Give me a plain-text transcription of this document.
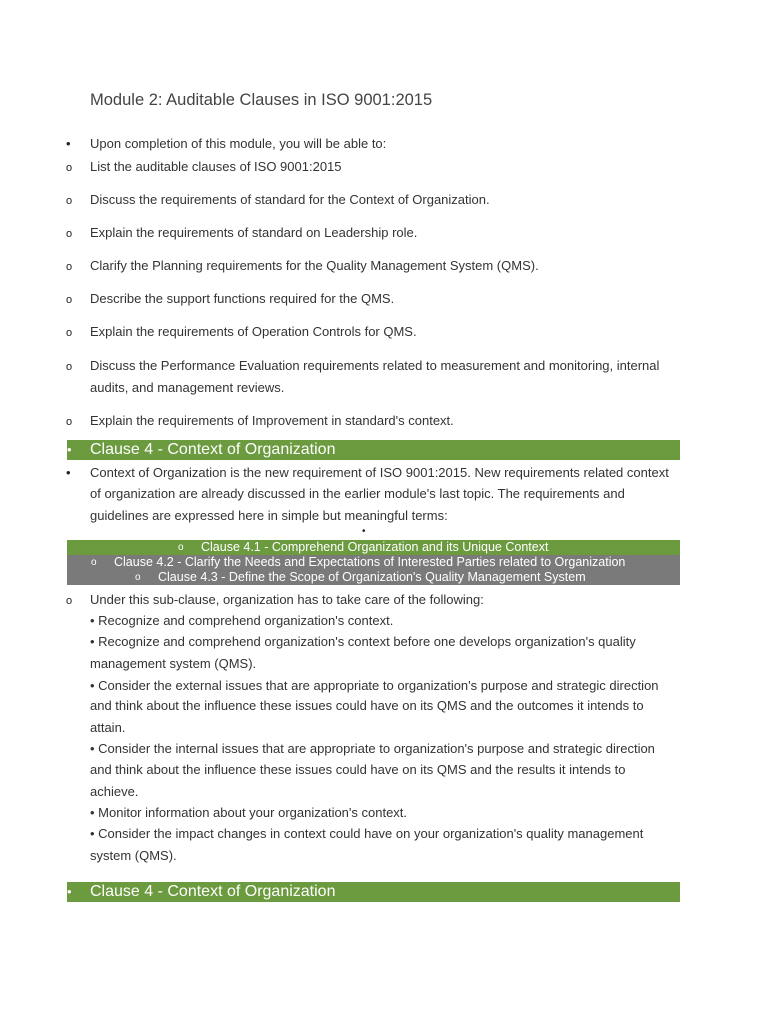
Module 2: Auditable Clauses in ISO 9001:2015
•
Upon completion of this module, you will be able to:
o
List the auditable clauses of ISO 9001:2015
o
Discuss the requirements of standard for the Context of Organization.
o
Explain the requirements of standard on Leadership role.
o
Clarify the Planning requirements for the Quality Management System (QMS).
o
Describe the support functions required for the QMS.
o
Explain the requirements of Operation Controls for QMS.
o
Discuss the Performance Evaluation requirements related to measurement and monitoring, internal
audits, and management reviews.
o
Explain the requirements of Improvement in standard's context.
• Clause 4 - Context of Organization
•
Context of Organization is the new requirement of ISO 9001:2015. New requirements related context
of organization are already discussed in the earlier module's last topic. The requirements and
guidelines are expressed here in simple but meaningful terms:
•
o Clause 4.1 - Comprehend Organization and its Unique Context
o Clause 4.2 - Clarify the Needs and Expectations of Interested Parties related to Organization
o Clause 4.3 - Define the Scope of Organization's Quality Management System
o
Under this sub-clause, organization has to take care of the following:
• Recognize and comprehend organization's context.
• Recognize and comprehend organization's context before one develops organization's quality
management system (QMS).
• Consider the external issues that are appropriate to organization's purpose and strategic direction
and think about the influence these issues could have on its QMS and the outcomes it intends to
attain.
• Consider the internal issues that are appropriate to organization's purpose and strategic direction
and think about the influence these issues could have on its QMS and the results it intends to
achieve.
• Monitor information about your organization's context.
• Consider the impact changes in context could have on your organization's quality management
system (QMS).
• Clause 4 - Context of Organization
